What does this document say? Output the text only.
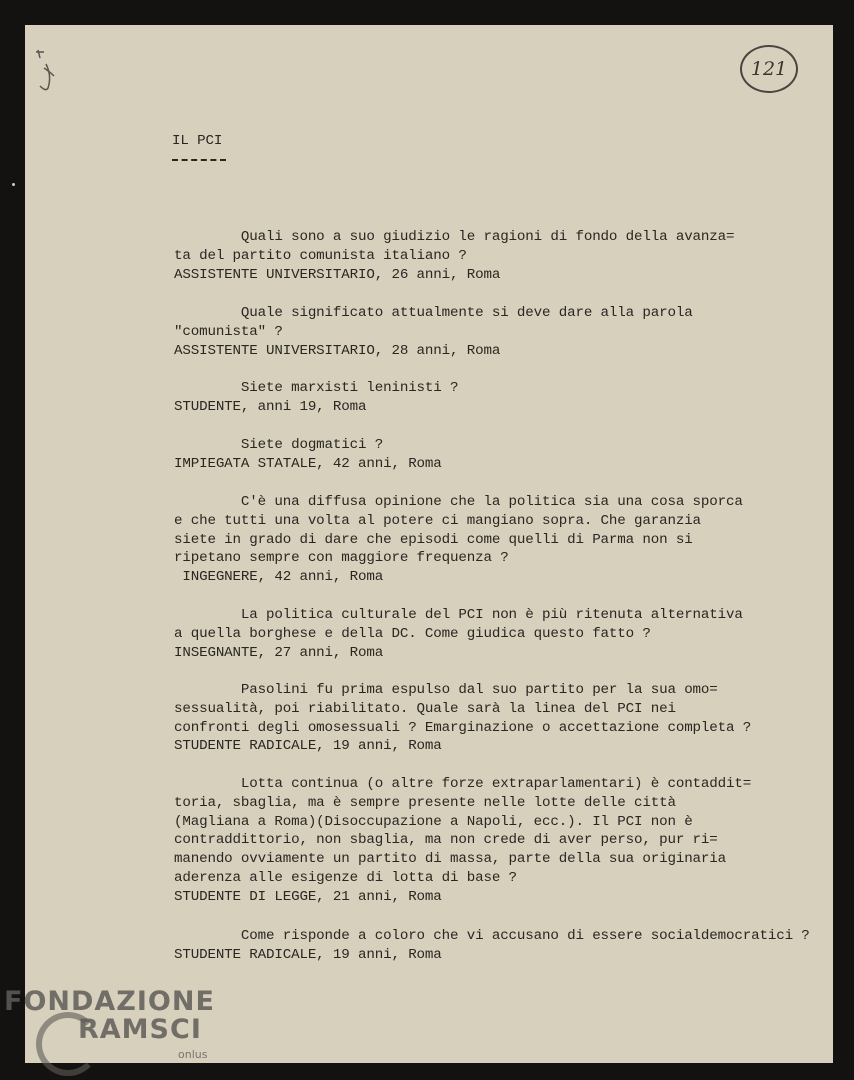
121
IL PCI
Quali sono a suo giudizio le ragioni di fondo della avanza=
ta del partito comunista italiano ?
ASSISTENTE UNIVERSITARIO, 26 anni, Roma
Quale significato attualmente si deve dare alla parola
"comunista" ?
ASSISTENTE UNIVERSITARIO, 28 anni, Roma
Siete marxisti leninisti ?
STUDENTE, anni 19, Roma
Siete dogmatici ?
IMPIEGATA STATALE, 42 anni, Roma
C'è una diffusa opinione che la politica sia una cosa sporca
e che tutti una volta al potere ci mangiano sopra. Che garanzia
siete in grado di dare che episodi come quelli di Parma non si
ripetano sempre con maggiore frequenza ?
INGEGNERE, 42 anni, Roma
La politica culturale del PCI non è più ritenuta alternativa
a quella borghese e della DC. Come giudica questo fatto ?
INSEGNANTE, 27 anni, Roma
Pasolini fu prima espulso dal suo partito per la sua omo=
sessualità, poi riabilitato. Quale sarà la linea del PCI nei
confronti degli omosessuali ? Emarginazione o accettazione completa ?
STUDENTE RADICALE, 19 anni, Roma
Lotta continua (o altre forze extraparlamentari) è contaddit=
toria, sbaglia, ma è sempre presente nelle lotte delle città
(Magliana a Roma)(Disoccupazione a Napoli, ecc.). Il PCI non è
contraddittorio, non sbaglia, ma non crede di aver perso, pur ri=
manendo ovviamente un partito di massa, parte della sua originaria
aderenza alle esigenze di lotta di base ?
STUDENTE DI LEGGE, 21 anni, Roma
Come risponde a coloro che vi accusano di essere socialdemocratici ?
STUDENTE RADICALE, 19 anni, Roma
FONDAZIONE
RAMSCI
onlus
